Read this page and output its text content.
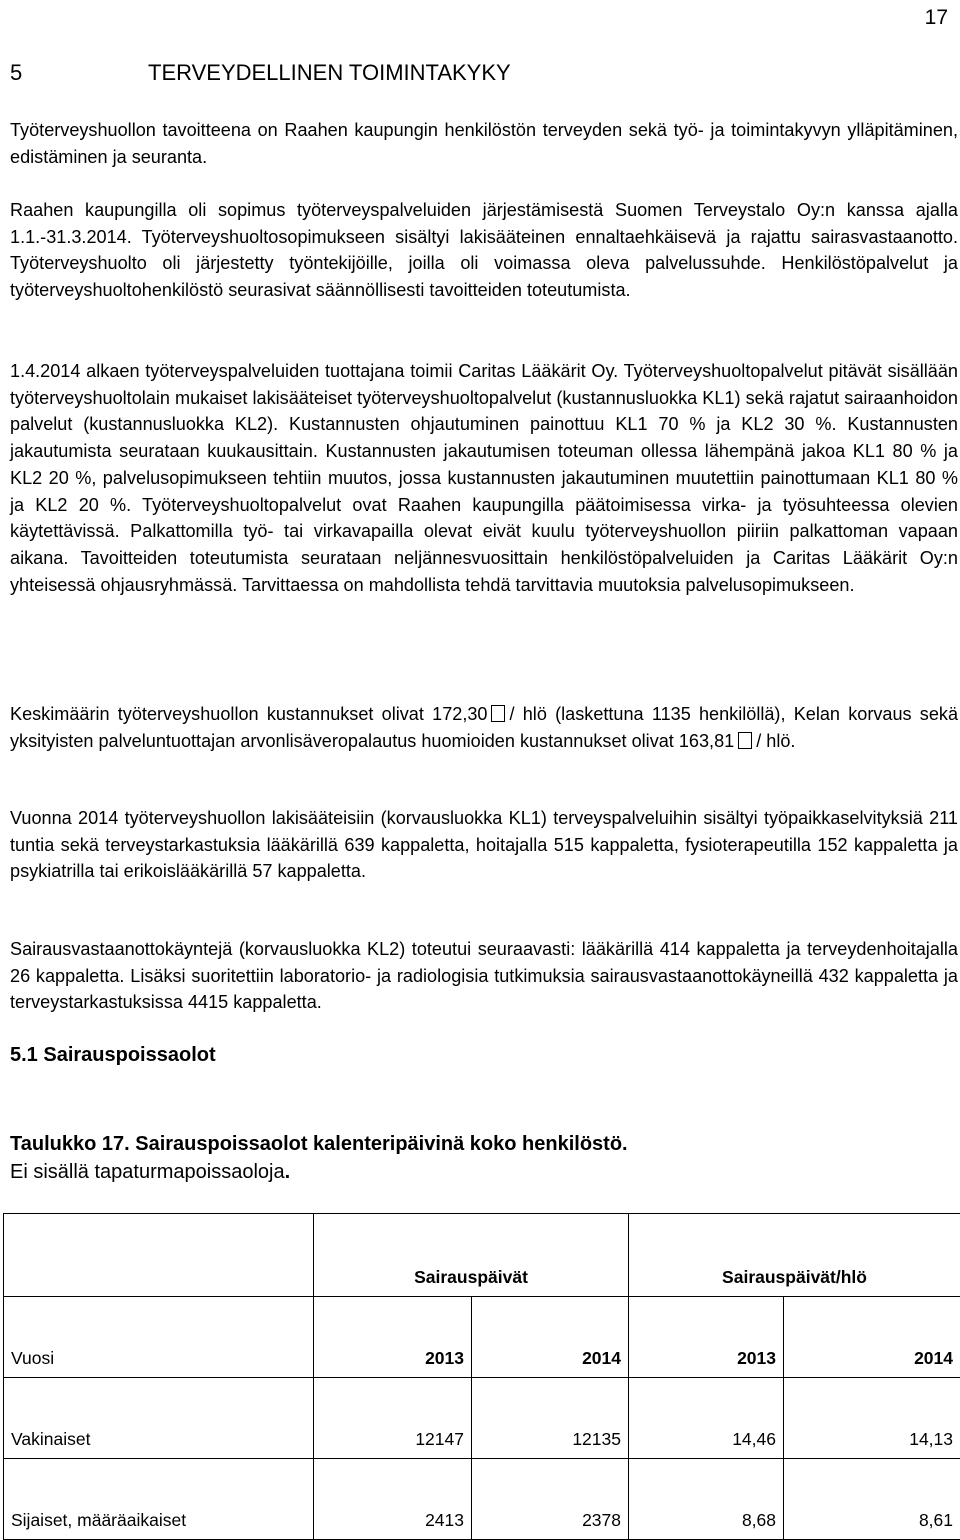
17
5	TERVEYDELLINEN TOIMINTAKYKY

Työterveyshuollon tavoitteena on Raahen kaupungin henkilöstön terveyden sekä työ- ja toimintakyvyn ylläpitäminen, edistäminen ja seuranta.

Raahen kaupungilla oli sopimus työterveyspalveluiden järjestämisestä Suomen Terveystalo Oy:n kanssa ajalla 1.1.-31.3.2014. Työterveyshuoltosopimukseen sisältyi lakisääteinen ennaltaehkäisevä ja rajattu sairasvastaanotto. Työterveyshuolto oli järjestetty työntekijöille, joilla oli voimassa oleva palvelussuhde. Henkilöstöpalvelut ja työterveyshuoltohenkilöstö seurasivat säännöllisesti tavoitteiden toteutumista.

1.4.2014 alkaen työterveyspalveluiden tuottajana toimii Caritas Lääkärit Oy. Työterveyshuoltopalvelut pitävät sisällään työterveyshuoltolain mukaiset lakisääteiset työterveyshuoltopalvelut (kustannusluokka KL1) sekä rajatut sairaanhoidon palvelut (kustannusluokka KL2). Kustannusten ohjautuminen painottuu KL1 70 % ja KL2 30 %. Kustannusten jakautumista seurataan kuukausittain. Kustannusten jakautumisen toteuman ollessa lähempänä jakoa KL1 80 % ja KL2 20 %, palvelusopimukseen tehtiin muutos, jossa kustannusten jakautuminen muutettiin painottumaan KL1 80 % ja KL2 20 %. Työterveyshuoltopalvelut ovat Raahen kaupungilla päätoimisessa virka- ja työsuhteessa olevien käytettävissä. Palkattomilla työ- tai virkavapailla olevat eivät kuulu työterveyshuollon piiriin palkattoman vapaan aikana. Tavoitteiden toteutumista seurataan neljännesvuosittain henkilöstöpalveluiden ja Caritas Lääkärit Oy:n yhteisessä ohjausryhmässä. Tarvittaessa on mahdollista tehdä tarvittavia muutoksia palvelusopimukseen.

Keskimäärin työterveyshuollon kustannukset olivat 172,30 / hlö (laskettuna 1135 henkilöllä), Kelan korvaus sekä yksityisten palveluntuottajan arvonlisäveropalautus huomioiden kustannukset olivat 163,81 / hlö.

Vuonna 2014 työterveyshuollon lakisääteisiin (korvausluokka KL1) terveyspalveluihin sisältyi työpaikkaselvityksiä 211 tuntia sekä terveystarkastuksia lääkärillä 639 kappaletta, hoitajalla 515 kappaletta, fysioterapeutilla 152 kappaletta ja psykiatrilla tai erikoislääkärillä 57 kappaletta.

Sairausvastaanottokäyntejä (korvausluokka KL2) toteutui seuraavasti: lääkärillä 414 kappaletta ja terveydenhoitajalla 26 kappaletta. Lisäksi suoritettiin laboratorio- ja radiologisia tutkimuksia sairausvastaanottokäyneillä 432 kappaletta ja terveystarkastuksissa 4415 kappaletta.

5.1 Sairauspoissaolot
Taulukko 17. Sairauspoissaolot kalenteripäivinä koko henkilöstö.
Ei sisällä tapaturmapoissaoloja.
	Sairauspäivät		Sairauspäivät/hlö	
Vuosi	2013	2014	2013	2014
Vakinaiset	12147	12135	14,46	14,13
Sijaiset, määräaikaiset	2413	2378	8,68	8,61
